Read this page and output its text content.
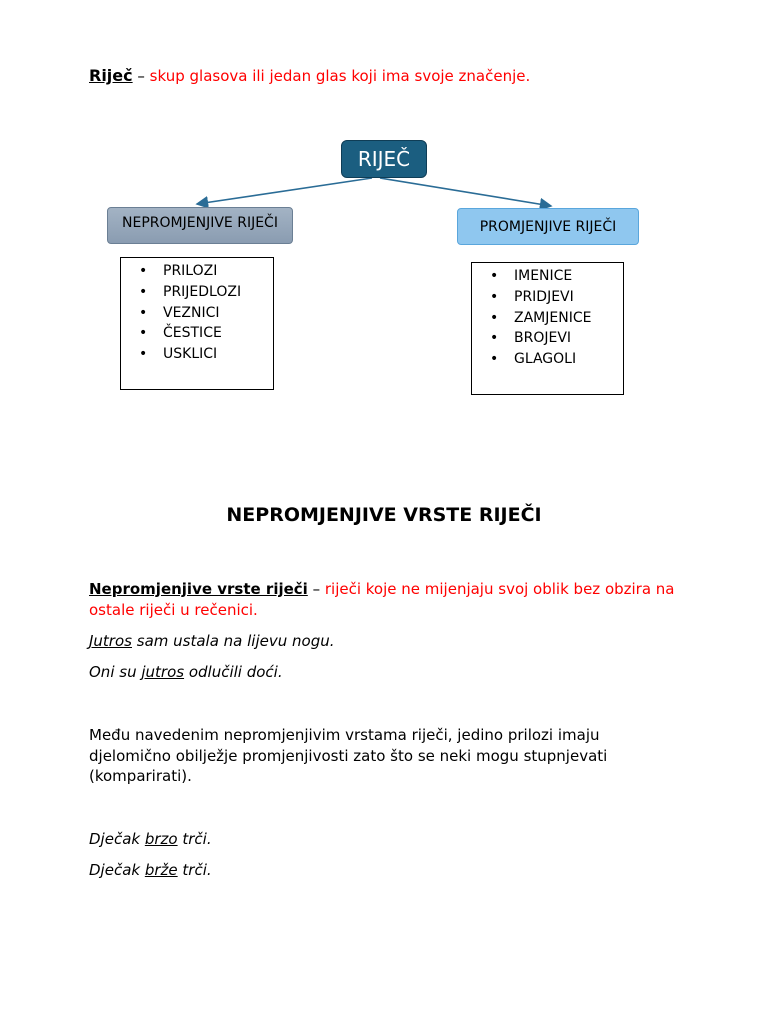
Riječ – skup glasova ili jedan glas koji ima svoje značenje.
RIJEČ
NEPROMJENJIVE RIJEČI	PROMJENJIVE RIJEČI
• PRILOZI
• PRIJEDLOZI
• VEZNICI
• ČESTICE
• USKLICI
• IMENICE
• PRIDJEVI
• ZAMJENICE
• BROJEVI
• GLAGOLI
NEPROMJENJIVE VRSTE RIJEČI
Nepromjenjive vrste riječi – riječi koje ne mijenjaju svoj oblik bez obzira na ostale riječi u rečenici.
Jutros sam ustala na lijevu nogu.
Oni su jutros odlučili doći.
Među navedenim nepromjenjivim vrstama riječi, jedino prilozi imaju djelomično obilježje promjenjivosti zato što se neki mogu stupnjevati (komparirati).
Dječak brzo trči.
Dječak brže trči.
